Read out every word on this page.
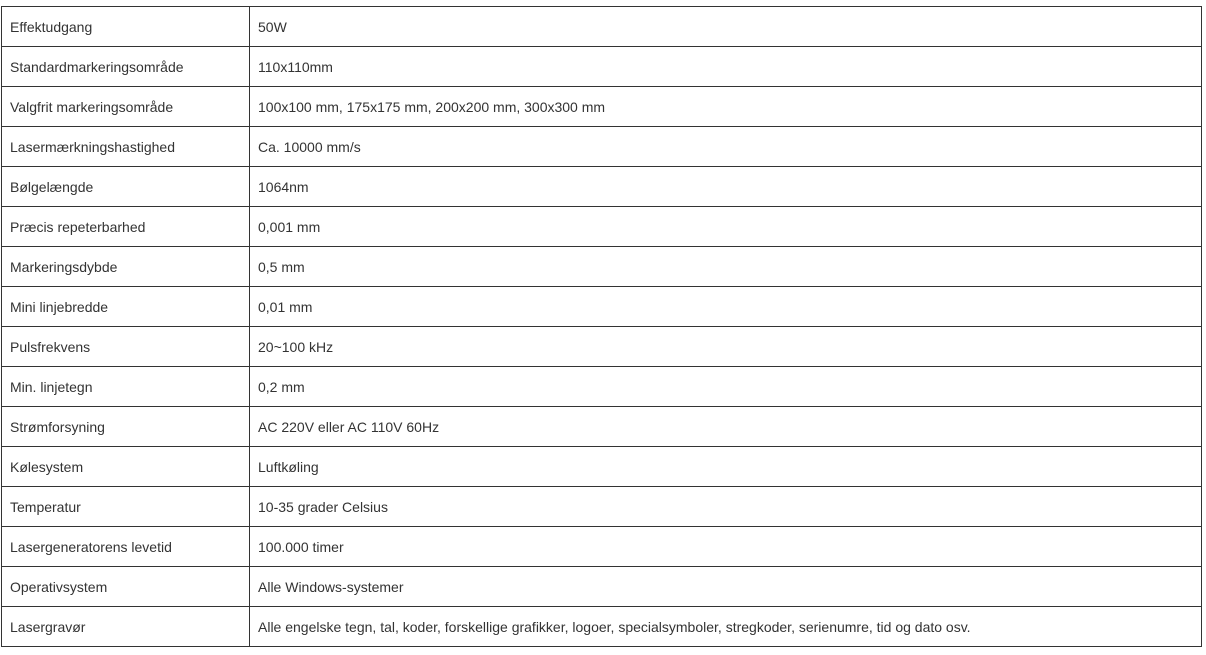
Effektudgang	50W
Standardmarkeringsområde	110x110mm
Valgfrit markeringsområde	100x100 mm, 175x175 mm, 200x200 mm, 300x300 mm
Lasermærkningshastighed	Ca. 10000 mm/s
Bølgelængde	1064nm
Præcis repeterbarhed	0,001 mm
Markeringsdybde	0,5 mm
Mini linjebredde	0,01 mm
Pulsfrekvens	20~100 kHz
Min. linjetegn	0,2 mm
Strømforsyning	AC 220V eller AC 110V 60Hz
Kølesystem	Luftkøling
Temperatur	10-35 grader Celsius
Lasergeneratorens levetid	100.000 timer
Operativsystem	Alle Windows-systemer
Lasergravør	Alle engelske tegn, tal, koder, forskellige grafikker, logoer, specialsymboler, stregkoder, serienumre, tid og dato osv.
